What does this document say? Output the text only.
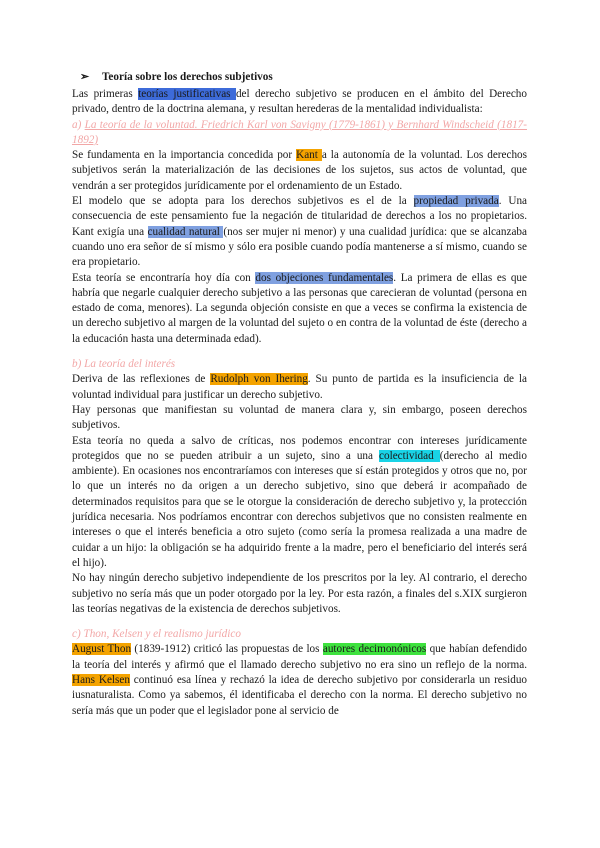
➢ Teoría sobre los derechos subjetivos

Las primeras teorías justificativas del derecho subjetivo se producen en el ámbito del Derecho privado, dentro de la doctrina alemana, y resultan herederas de la mentalidad individualista:

a) La teoría de la voluntad. Friedrich Karl von Savigny (1779-1861) y Bernhard Windscheid (1817-1892)

Se fundamenta en la importancia concedida por Kant a la autonomía de la voluntad. Los derechos subjetivos serán la materialización de las decisiones de los sujetos, sus actos de voluntad, que vendrán a ser protegidos jurídicamente por el ordenamiento de un Estado.

El modelo que se adopta para los derechos subjetivos es el de la propiedad privada. Una consecuencia de este pensamiento fue la negación de titularidad de derechos a los no propietarios. Kant exigía una cualidad natural (nos ser mujer ni menor) y una cualidad jurídica: que se alcanzaba cuando uno era señor de sí mismo y sólo era posible cuando podía mantenerse a sí mismo, cuando se era propietario.

Esta teoría se encontraría hoy día con dos objeciones fundamentales. La primera de ellas es que habría que negarle cualquier derecho subjetivo a las personas que carecieran de voluntad (persona en estado de coma, menores). La segunda objeción consiste en que a veces se confirma la existencia de un derecho subjetivo al margen de la voluntad del sujeto o en contra de la voluntad de éste (derecho a la educación hasta una determinada edad).

b) La teoría del interés

Deriva de las reflexiones de Rudolph von Ihering. Su punto de partida es la insuficiencia de la voluntad individual para justificar un derecho subjetivo.

Hay personas que manifiestan su voluntad de manera clara y, sin embargo, poseen derechos subjetivos.

Esta teoría no queda a salvo de críticas, nos podemos encontrar con intereses jurídicamente protegidos que no se pueden atribuir a un sujeto, sino a una colectividad (derecho al medio ambiente). En ocasiones nos encontraríamos con intereses que sí están protegidos y otros que no, por lo que un interés no da origen a un derecho subjetivo, sino que deberá ir acompañado de determinados requisitos para que se le otorgue la consideración de derecho subjetivo y, la protección jurídica necesaria. Nos podríamos encontrar con derechos subjetivos que no consisten realmente en intereses o que el interés beneficia a otro sujeto (como sería la promesa realizada a una madre de cuidar a un hijo: la obligación se ha adquirido frente a la madre, pero el beneficiario del interés será el hijo).

No hay ningún derecho subjetivo independiente de los prescritos por la ley. Al contrario, el derecho subjetivo no sería más que un poder otorgado por la ley. Por esta razón, a finales del s.XIX surgieron las teorías negativas de la existencia de derechos subjetivos.

c) Thon, Kelsen y el realismo jurídico

August Thon (1839-1912) criticó las propuestas de los autores decimonónicos que habían defendido la teoría del interés y afirmó que el llamado derecho subjetivo no era sino un reflejo de la norma. Hans Kelsen continuó esa línea y rechazó la idea de derecho subjetivo por considerarla un residuo iusnaturalista. Como ya sabemos, él identificaba el derecho con la norma. El derecho subjetivo no sería más que un poder que el legislador pone al servicio de
